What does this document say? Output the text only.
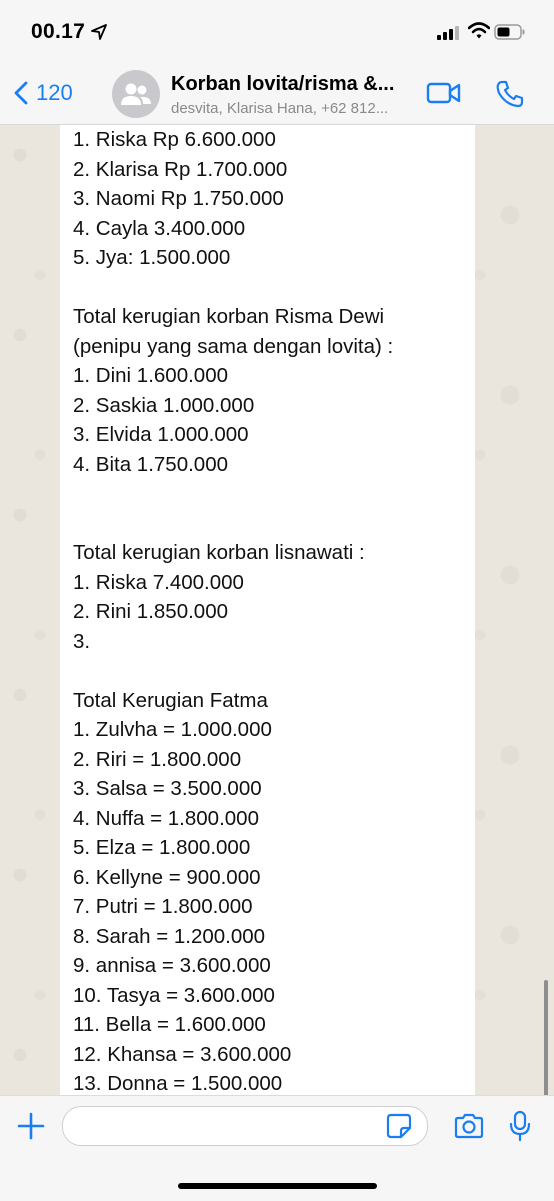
00.17
120	Korban lovita/risma &...
desvita, Klarisa Hana, +62 812...
1. Riska Rp 6.600.000
2. Klarisa Rp 1.700.000
3. Naomi Rp 1.750.000
4. Cayla 3.400.000
5. Jya: 1.500.000
Total kerugian korban Risma Dewi
(penipu yang sama dengan lovita) :
1. Dini 1.600.000
2. Saskia 1.000.000
3. Elvida 1.000.000
4. Bita 1.750.000
Total kerugian korban lisnawati :
1. Riska 7.400.000
2. Rini 1.850.000
3.
Total Kerugian Fatma
1. Zulvha = 1.000.000
2. Riri = 1.800.000
3. Salsa = 3.500.000
4. Nuffa = 1.800.000
5. Elza = 1.800.000
6. Kellyne = 900.000
7. Putri = 1.800.000
8. Sarah = 1.200.000
9. annisa = 3.600.000
10. Tasya = 3.600.000
11. Bella = 1.600.000
12. Khansa = 3.600.000
13. Donna = 1.500.000
